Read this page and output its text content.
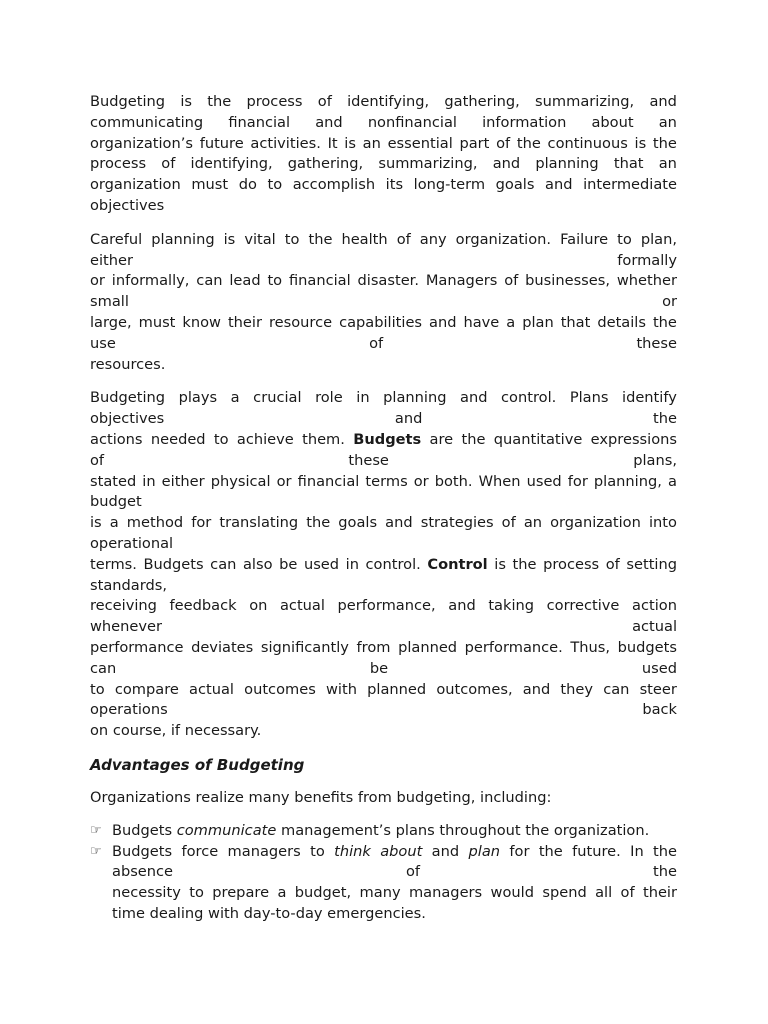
Budgeting is the process of identifying, gathering, summarizing, and
communicating financial and nonfinancial information about an
organization’s future activities. It is an essential part of the continuous is the
process of identifying, gathering, summarizing, and planning that an
organization must do to accomplish its long-term goals and intermediate
objectives
Careful planning is vital to the health of any organization. Failure to plan,
either	formally
or informally, can lead to financial disaster. Managers of businesses, whether
small	or
large, must know their resource capabilities and have a plan that details the
use	of	these
resources.
Budgeting plays a crucial role in planning and control. Plans identify
objectives	and	the
actions needed to achieve them. Budgets are the quantitative expressions
of	these	plans,
stated in either physical or financial terms or both. When used for planning, a
budget
is a method for translating the goals and strategies of an organization into
operational
terms. Budgets can also be used in control. Control is the process of setting
standards,
receiving feedback on actual performance, and taking corrective action
whenever	actual
performance deviates significantly from planned performance. Thus, budgets
can	be	used
to compare actual outcomes with planned outcomes, and they can steer
operations	back
on course, if necessary.
Advantages of Budgeting
Organizations realize many benefits from budgeting, including:
☞ Budgets communicate management’s plans throughout the organization.
☞ Budgets force managers to think about and plan for the future. In the
absence	of	the
necessity to prepare a budget, many managers would spend all of their
time dealing with day-to-day emergencies.
